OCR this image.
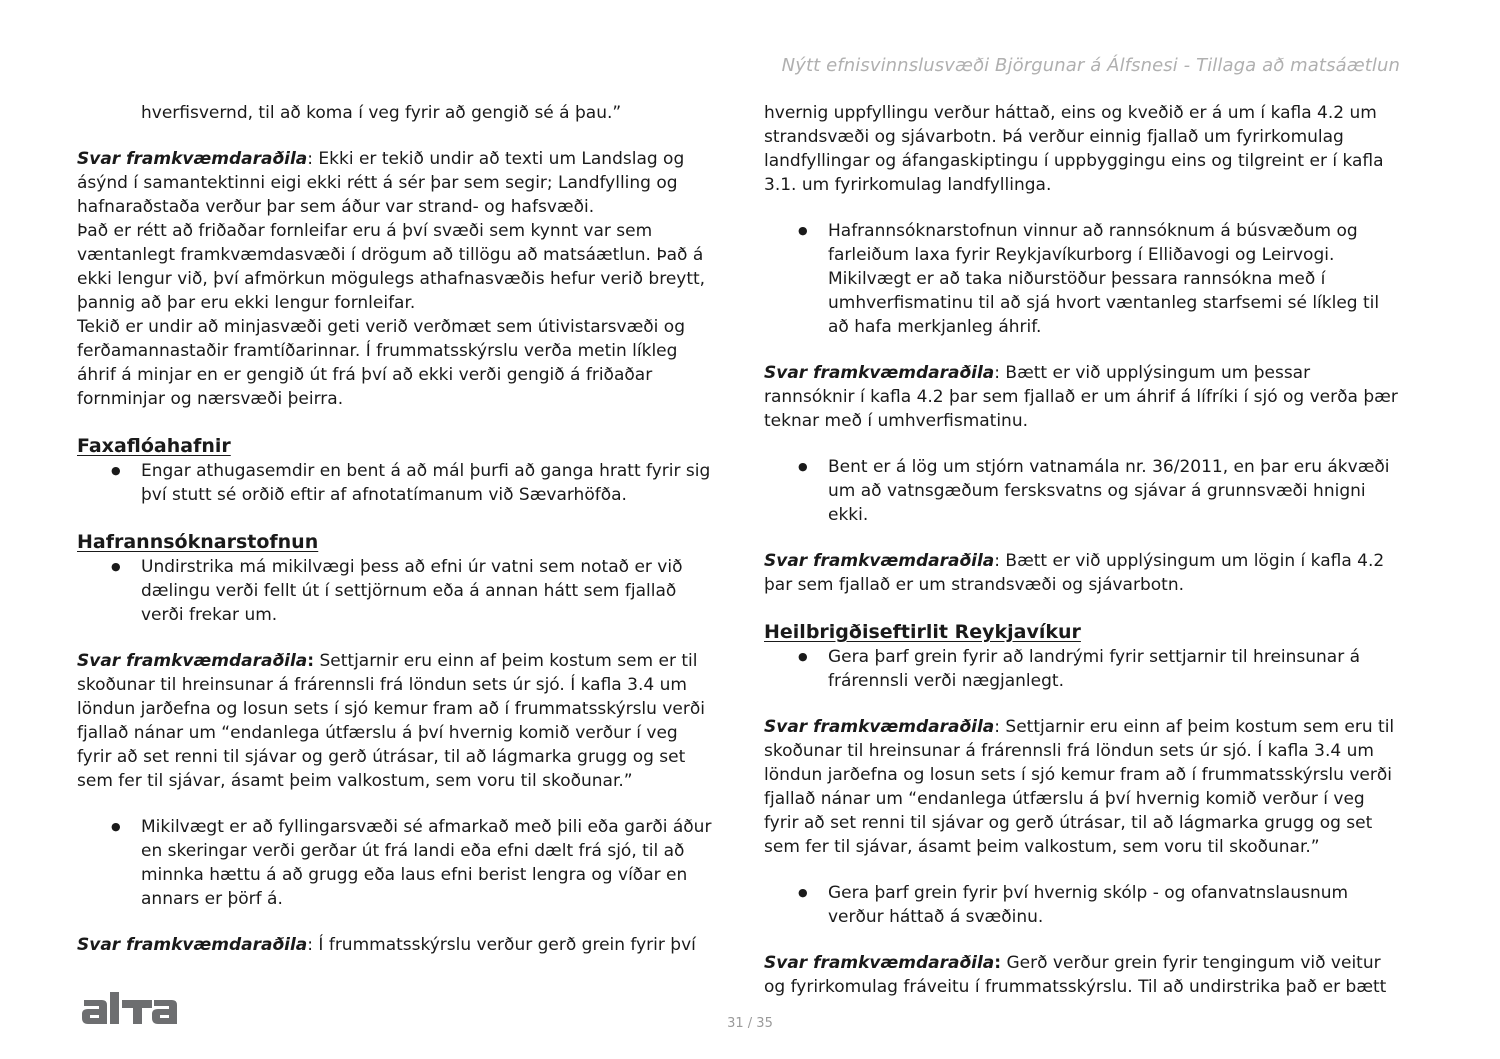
Nýtt efnisvinnslusvæði Björgunar á Álfsnesi - Tillaga að matsáætlun

hverfisvernd, til að koma í veg fyrir að gengið sé á þau.”

Svar framkvæmdaraðila: Ekki er tekið undir að texti um Landslag og ásýnd í samantektinni eigi ekki rétt á sér þar sem segir; Landfylling og hafnaraðstaða verður þar sem áður var strand- og hafsvæði.

Það er rétt að friðaðar fornleifar eru á því svæði sem kynnt var sem væntanlegt framkvæmdasvæði í drögum að tillögu að matsáætlun. Það á ekki lengur við, því afmörkun mögulegs athafnasvæðis hefur verið breytt, þannig að þar eru ekki lengur fornleifar.

Tekið er undir að minjasvæði geti verið verðmæt sem útivistarsvæði og ferðamannastaðir framtíðarinnar. Í frummatsskýrslu verða metin líkleg áhrif á minjar en er gengið út frá því að ekki verði gengið á friðaðar fornminjar og nærsvæði þeirra.

Faxaflóahafnir

● Engar athugasemdir en bent á að mál þurfi að ganga hratt fyrir sig því stutt sé orðið eftir af afnotatímanum við Sævarhöfða.

Hafrannsóknarstofnun

● Undirstrika má mikilvægi þess að efni úr vatni sem notað er við dælingu verði fellt út í settjörnum eða á annan hátt sem fjallað verði frekar um.

Svar framkvæmdaraðila: Settjarnir eru einn af þeim kostum sem er til skoðunar til hreinsunar á frárennsli frá löndun sets úr sjó. Í kafla 3.4 um löndun jarðefna og losun sets í sjó kemur fram að í frummatsskýrslu verði fjallað nánar um “endanlega útfærslu á því hvernig komið verður í veg fyrir að set renni til sjávar og gerð útrásar, til að lágmarka grugg og set sem fer til sjávar, ásamt þeim valkostum, sem voru til skoðunar.”

● Mikilvægt er að fyllingarsvæði sé afmarkað með þili eða garði áður en skeringar verði gerðar út frá landi eða efni dælt frá sjó, til að minnka hættu á að grugg eða laus efni berist lengra og víðar en annars er þörf á.

Svar framkvæmdaraðila: Í frummatsskýrslu verður gerð grein fyrir því

hvernig uppfyllingu verður háttað, eins og kveðið er á um í kafla 4.2 um strandsvæði og sjávarbotn. Þá verður einnig fjallað um fyrirkomulag landfyllingar og áfangaskiptingu í uppbyggingu eins og tilgreint er í kafla 3.1. um fyrirkomulag landfyllinga.

● Hafrannsóknarstofnun vinnur að rannsóknum á búsvæðum og farleiðum laxa fyrir Reykjavíkurborg í Elliðavogi og Leirvogi. Mikilvægt er að taka niðurstöður þessara rannsókna með í umhverfismatinu til að sjá hvort væntanleg starfsemi sé líkleg til að hafa merkjanleg áhrif.

Svar framkvæmdaraðila: Bætt er við upplýsingum um þessar rannsóknir í kafla 4.2 þar sem fjallað er um áhrif á lífríki í sjó og verða þær teknar með í umhverfismatinu.

● Bent er á lög um stjórn vatnamála nr. 36/2011, en þar eru ákvæði um að vatnsgæðum fersksvatns og sjávar á grunnsvæði hnigni ekki.

Svar framkvæmdaraðila: Bætt er við upplýsingum um lögin í kafla 4.2 þar sem fjallað er um strandsvæði og sjávarbotn.

Heilbrigðiseftirlit Reykjavíkur

● Gera þarf grein fyrir að landrými fyrir settjarnir til hreinsunar á frárennsli verði nægjanlegt.

Svar framkvæmdaraðila: Settjarnir eru einn af þeim kostum sem eru til skoðunar til hreinsunar á frárennsli frá löndun sets úr sjó. Í kafla 3.4 um löndun jarðefna og losun sets í sjó kemur fram að í frummatsskýrslu verði fjallað nánar um “endanlega útfærslu á því hvernig komið verður í veg fyrir að set renni til sjávar og gerð útrásar, til að lágmarka grugg og set sem fer til sjávar, ásamt þeim valkostum, sem voru til skoðunar.”

● Gera þarf grein fyrir því hvernig skólp - og ofanvatnslausnum verður háttað á svæðinu.

Svar framkvæmdaraðila: Gerð verður grein fyrir tengingum við veitur og fyrirkomulag fráveitu í frummatsskýrslu. Til að undirstrika það er bætt

31 / 35
